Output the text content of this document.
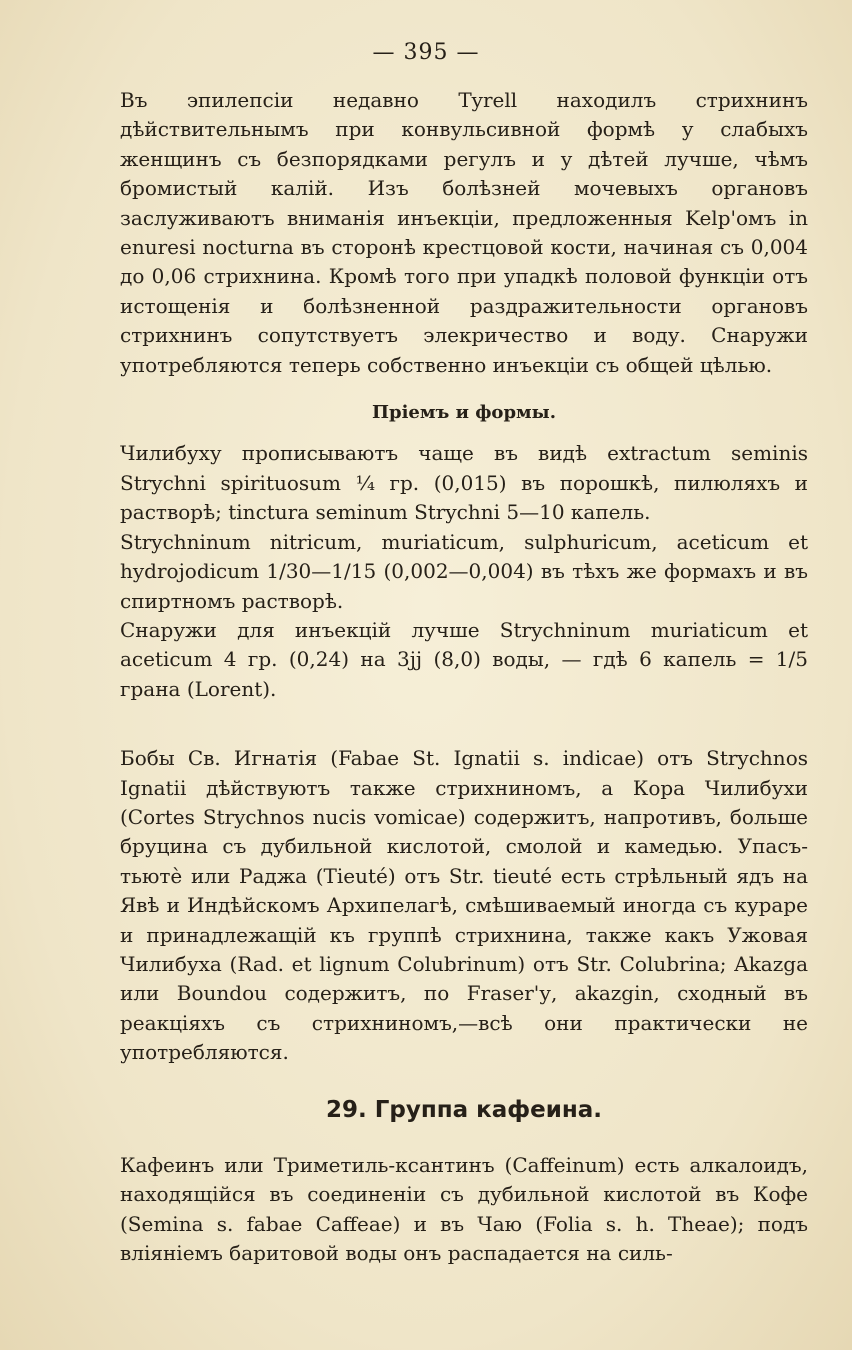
— 395 —

Въ эпилепсіи недавно Tyrell находилъ стрихнинъ дѣйствительнымъ при конвульсивной формѣ у слабыхъ женщинъ съ безпорядками регулъ и у дѣтей лучше, чѣмъ бромистый калій. Изъ болѣзней мочевыхъ органовъ заслуживаютъ вниманія инъекціи, предложенныя Kelp'омъ in enuresi nocturna въ сторонѣ крестцовой кости, начиная съ 0,004 до 0,06 стрихнина. Кромѣ того при упадкѣ половой функціи отъ истощенія и болѣзненной раздражительности органовъ стрихнинъ сопутствуетъ элекричество и воду. Снаружи употребляются теперь собственно инъекціи съ общей цѣлью.

Пріемъ и формы.

Чилибуху прописываютъ чаще въ видѣ extractum seminis Strychni spirituosum ¼ гр. (0,015) въ порошкѣ, пилюляхъ и растворѣ; tinctura seminum Strychni 5—10 капель.

Strychninum nitricum, muriaticum, sulphuricum, aceticum et hydrojodicum 1/30—1/15 (0,002—0,004) въ тѣхъ же формахъ и въ спиртномъ растворѣ.

Снаружи для инъекцій лучше Strychninum muriaticum et aceticum 4 гр. (0,24) на 3jj (8,0) воды, — гдѣ 6 капель = 1/5 грана (Lorent).

Бобы Св. Игнатія (Fabae St. Ignatii s. indicae) отъ Strychnos Ignatii дѣйствуютъ также стрихниномъ, а Кора Чилибухи (Cortes Strychnos nucis vomicae) содержитъ, напротивъ, больше бруцина съ дубильной кислотой, смолой и камедью. Упасъ-тьютѐ или Раджа (Tieuté) отъ Str. tieuté есть стрѣльный ядъ на Явѣ и Индѣйскомъ Архипелагѣ, смѣшиваемый иногда съ кураре и принадлежащій къ группѣ стрихнина, также какъ Ужовая Чилибуха (Rad. et lignum Colubrinum) отъ Str. Colubrina; Akazga или Boundou содержитъ, по Fraser'у, akazgin, сходный въ реакціяхъ съ стрихниномъ,—всѣ они практически не употребляются.

29. Группа кафеина.

Кафеинъ или Триметиль-ксантинъ (Caffeinum) есть алкалоидъ, находящійся въ соединеніи съ дубильной кислотой въ Кофе (Semina s. fabae Caffeae) и въ Чаю (Folia s. h. Theae); подъ вліяніемъ баритовой воды онъ распадается на силь-
